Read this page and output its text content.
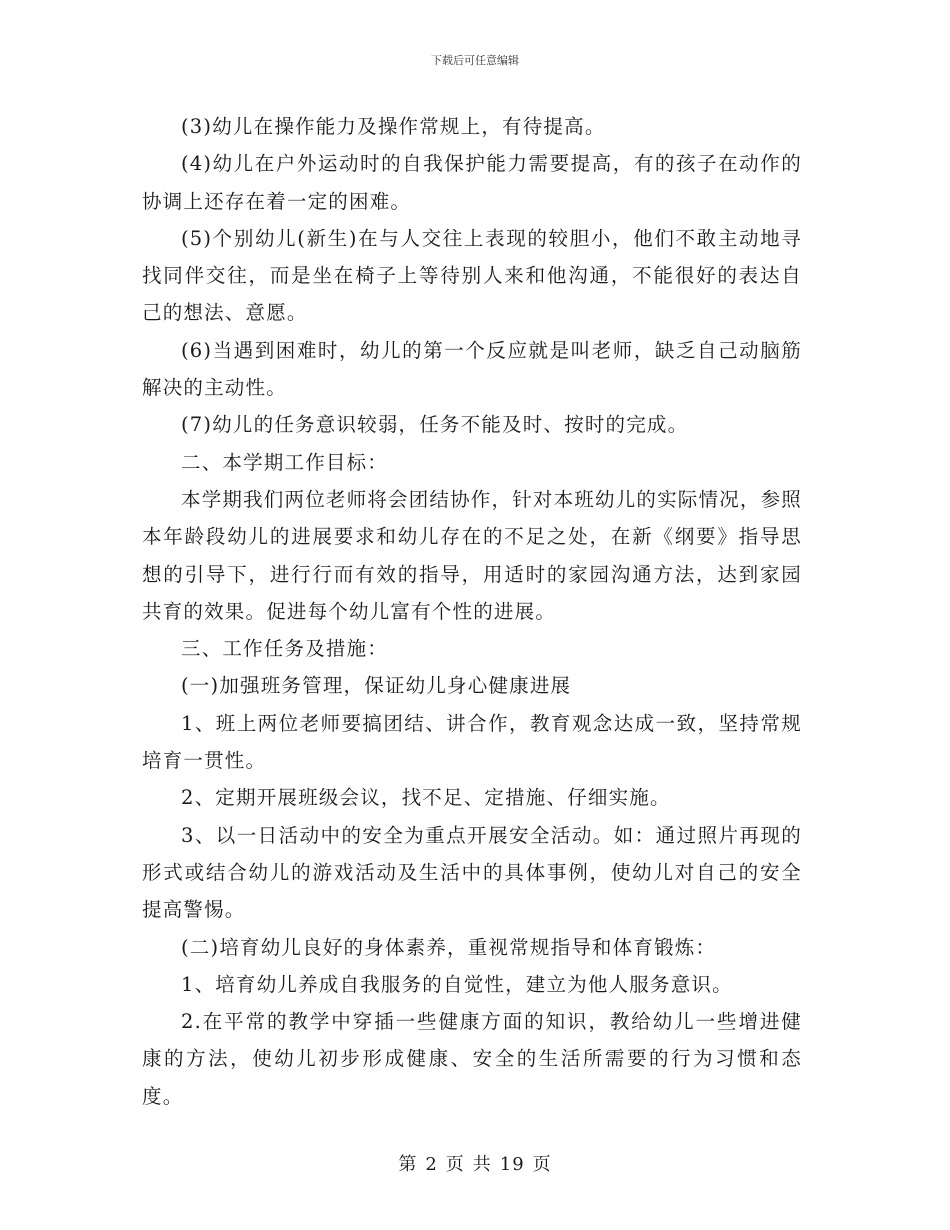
下载后可任意编辑

(3)幼儿在操作能力及操作常规上，有待提高。

(4)幼儿在户外运动时的自我保护能力需要提高，有的孩子在动作的协调上还存在着一定的困难。

(5)个别幼儿(新生)在与人交往上表现的较胆小，他们不敢主动地寻找同伴交往，而是坐在椅子上等待别人来和他沟通，不能很好的表达自己的想法、意愿。

(6)当遇到困难时，幼儿的第一个反应就是叫老师，缺乏自己动脑筋解决的主动性。

(7)幼儿的任务意识较弱，任务不能及时、按时的完成。

二、本学期工作目标：

本学期我们两位老师将会团结协作，针对本班幼儿的实际情况，参照本年龄段幼儿的进展要求和幼儿存在的不足之处，在新《纲要》指导思想的引导下，进行行而有效的指导，用适时的家园沟通方法，达到家园共育的效果。促进每个幼儿富有个性的进展。

三、工作任务及措施：

(一)加强班务管理，保证幼儿身心健康进展

1、班上两位老师要搞团结、讲合作，教育观念达成一致，坚持常规培育一贯性。

2、定期开展班级会议，找不足、定措施、仔细实施。

3、以一日活动中的安全为重点开展安全活动。如：通过照片再现的形式或结合幼儿的游戏活动及生活中的具体事例，使幼儿对自己的安全提高警惕。

(二)培育幼儿良好的身体素养，重视常规指导和体育锻炼：

1、培育幼儿养成自我服务的自觉性，建立为他人服务意识。

2.在平常的教学中穿插一些健康方面的知识，教给幼儿一些增进健康的方法，使幼儿初步形成健康、安全的生活所需要的行为习惯和态度。

第 2 页 共 19 页
